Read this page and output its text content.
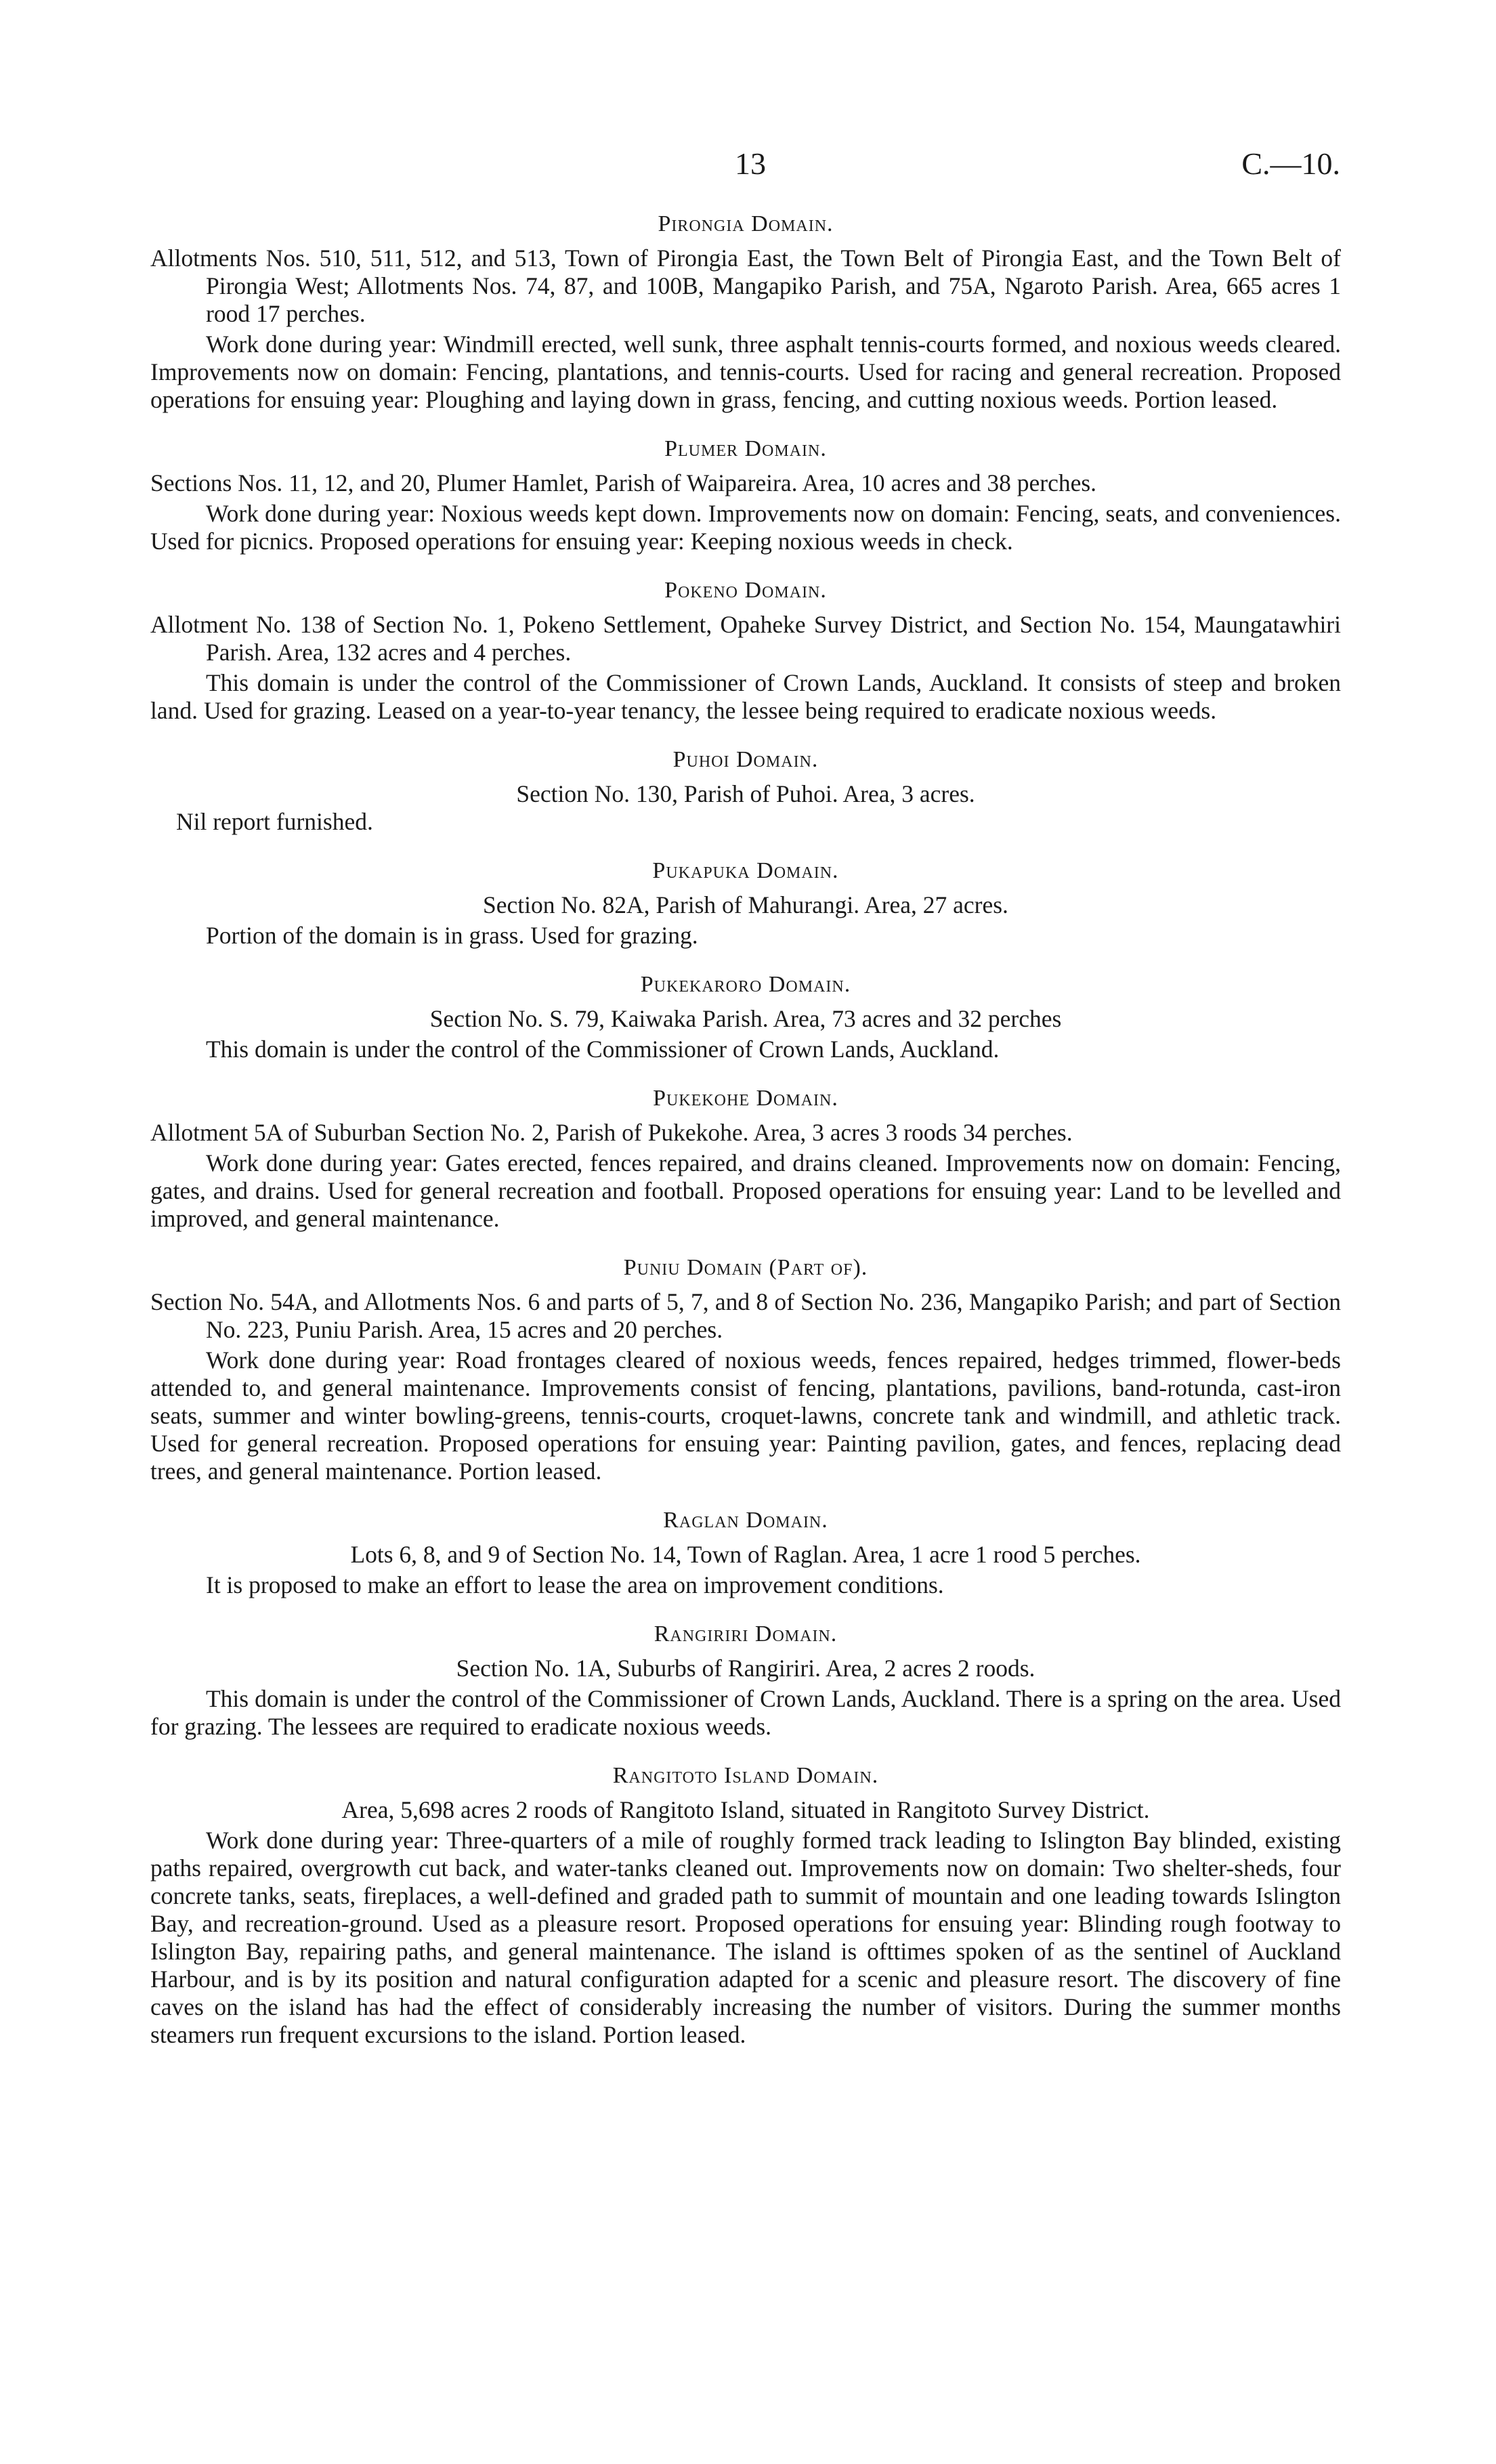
13	C.—10.
Pirongia Domain.

Allotments Nos. 510, 511, 512, and 513, Town of Pirongia East, the Town Belt of Pirongia East, and the Town Belt of Pirongia West; Allotments Nos. 74, 87, and 100B, Mangapiko Parish, and 75A, Ngaroto Parish. Area, 665 acres 1 rood 17 perches.

Work done during year: Windmill erected, well sunk, three asphalt tennis-courts formed, and noxious weeds cleared. Improvements now on domain: Fencing, plantations, and tennis-courts. Used for racing and general recreation. Proposed operations for ensuing year: Ploughing and laying down in grass, fencing, and cutting noxious weeds. Portion leased.

Plumer Domain.

Sections Nos. 11, 12, and 20, Plumer Hamlet, Parish of Waipareira. Area, 10 acres and 38 perches.

Work done during year: Noxious weeds kept down. Improvements now on domain: Fencing, seats, and conveniences. Used for picnics. Proposed operations for ensuing year: Keeping noxious weeds in check.

Pokeno Domain.

Allotment No. 138 of Section No. 1, Pokeno Settlement, Opaheke Survey District, and Section No. 154, Maungatawhiri Parish. Area, 132 acres and 4 perches.

This domain is under the control of the Commissioner of Crown Lands, Auckland. It consists of steep and broken land. Used for grazing. Leased on a year-to-year tenancy, the lessee being required to eradicate noxious weeds.

Puhoi Domain.

Section No. 130, Parish of Puhoi. Area, 3 acres.

Nil report furnished.

Pukapuka Domain.

Section No. 82A, Parish of Mahurangi. Area, 27 acres.

Portion of the domain is in grass. Used for grazing.

Pukekaroro Domain.

Section No. S. 79, Kaiwaka Parish. Area, 73 acres and 32 perches

This domain is under the control of the Commissioner of Crown Lands, Auckland.

Pukekohe Domain.

Allotment 5A of Suburban Section No. 2, Parish of Pukekohe. Area, 3 acres 3 roods 34 perches.

Work done during year: Gates erected, fences repaired, and drains cleaned. Improvements now on domain: Fencing, gates, and drains. Used for general recreation and football. Proposed operations for ensuing year: Land to be levelled and improved, and general maintenance.

Puniu Domain (Part of).

Section No. 54A, and Allotments Nos. 6 and parts of 5, 7, and 8 of Section No. 236, Mangapiko Parish; and part of Section No. 223, Puniu Parish. Area, 15 acres and 20 perches.

Work done during year: Road frontages cleared of noxious weeds, fences repaired, hedges trimmed, flower-beds attended to, and general maintenance. Improvements consist of fencing, plantations, pavilions, band-rotunda, cast-iron seats, summer and winter bowling-greens, tennis-courts, croquet-lawns, concrete tank and windmill, and athletic track. Used for general recreation. Proposed operations for ensuing year: Painting pavilion, gates, and fences, replacing dead trees, and general maintenance. Portion leased.

Raglan Domain.

Lots 6, 8, and 9 of Section No. 14, Town of Raglan. Area, 1 acre 1 rood 5 perches.

It is proposed to make an effort to lease the area on improvement conditions.

Rangiriri Domain.

Section No. 1A, Suburbs of Rangiriri. Area, 2 acres 2 roods.

This domain is under the control of the Commissioner of Crown Lands, Auckland. There is a spring on the area. Used for grazing. The lessees are required to eradicate noxious weeds.

Rangitoto Island Domain.

Area, 5,698 acres 2 roods of Rangitoto Island, situated in Rangitoto Survey District.

Work done during year: Three-quarters of a mile of roughly formed track leading to Islington Bay blinded, existing paths repaired, overgrowth cut back, and water-tanks cleaned out. Improvements now on domain: Two shelter-sheds, four concrete tanks, seats, fireplaces, a well-defined and graded path to summit of mountain and one leading towards Islington Bay, and recreation-ground. Used as a pleasure resort. Proposed operations for ensuing year: Blinding rough footway to Islington Bay, repairing paths, and general maintenance. The island is ofttimes spoken of as the sentinel of Auckland Harbour, and is by its position and natural configuration adapted for a scenic and pleasure resort. The discovery of fine caves on the island has had the effect of considerably increasing the number of visitors. During the summer months steamers run frequent excursions to the island. Portion leased.
